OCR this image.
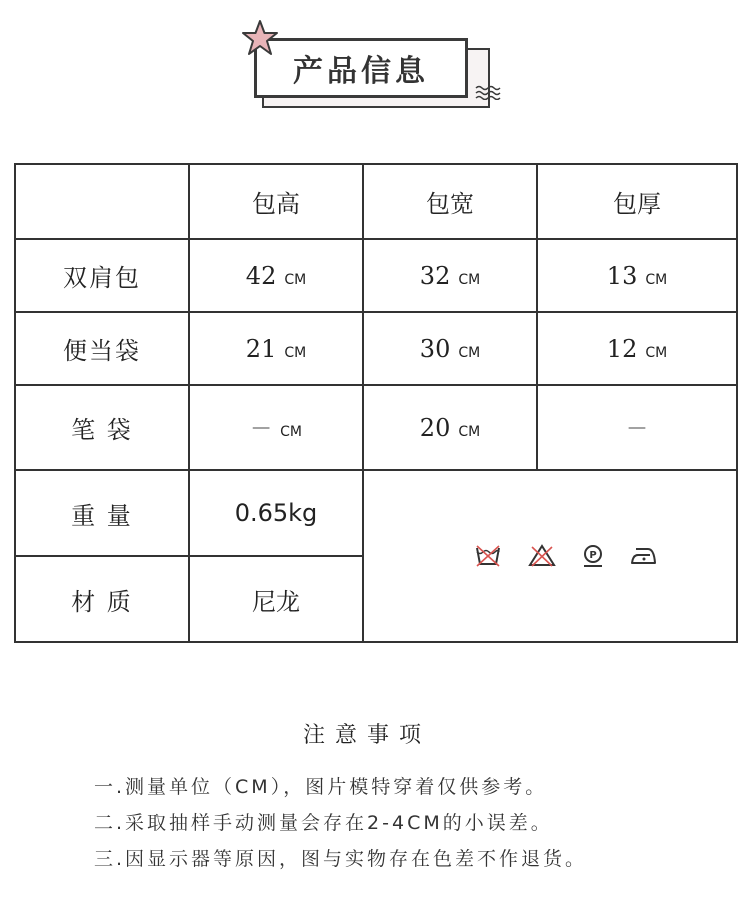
产品信息
	包高	包宽	包厚
双肩包	42 CM	32 CM	13 CM
便当袋	21 CM	30 CM	12 CM
笔 袋	－ CM	20 CM	－
重 量	0.65kg	P	

材 质	尼龙		
注意事项
一.测量单位（CM），图片模特穿着仅供参考。
二.采取抽样手动测量会存在2-4CM的小误差。
三.因显示器等原因，图与实物存在色差不作退货。
